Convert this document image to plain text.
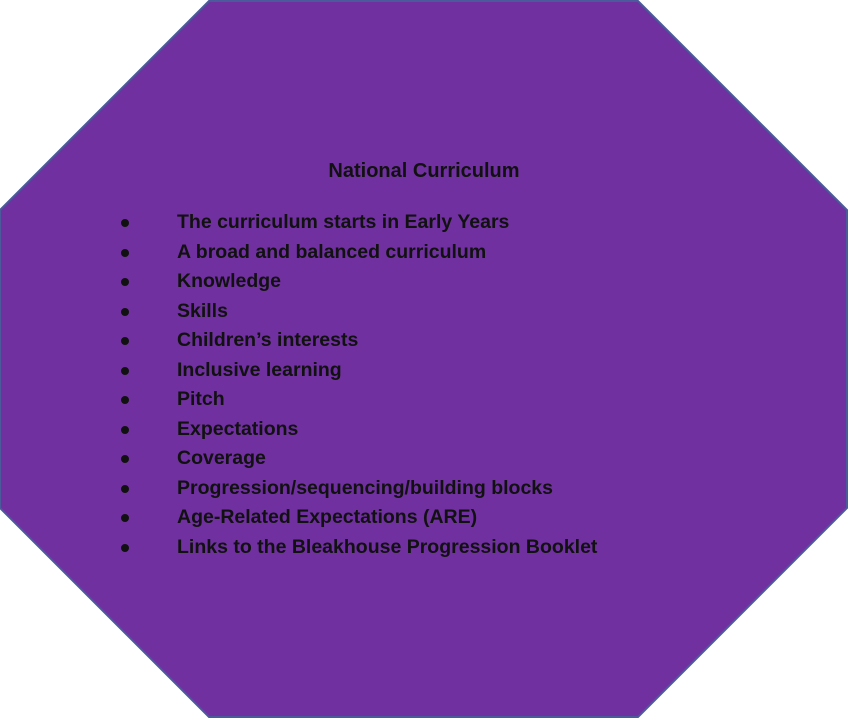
National Curriculum
The curriculum starts in Early Years
A broad and balanced curriculum
Knowledge
Skills
Children’s interests
Inclusive learning
Pitch
Expectations
Coverage
Progression/sequencing/building blocks
Age-Related Expectations (ARE)
Links to the Bleakhouse Progression Booklet
